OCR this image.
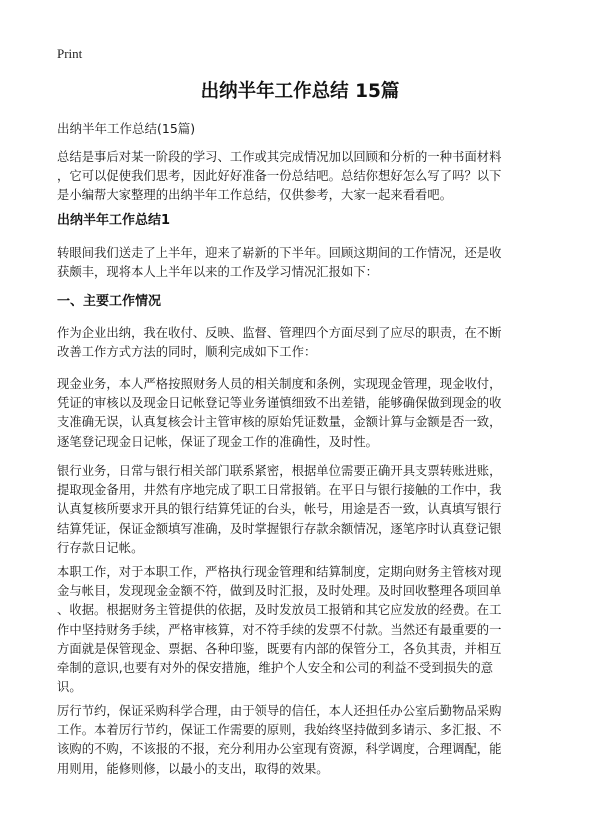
Print
出纳半年工作总结 15篇
出纳半年工作总结(15篇)
总结是事后对某一阶段的学习、工作或其完成情况加以回顾和分析的一种书面材料
，它可以促使我们思考，因此好好准备一份总结吧。总结你想好怎么写了吗？以下
是小编帮大家整理的出纳半年工作总结，仅供参考，大家一起来看看吧。
出纳半年工作总结1
转眼间我们送走了上半年，迎来了崭新的下半年。回顾这期间的工作情况，还是收
获颇丰，现将本人上半年以来的工作及学习情况汇报如下：
一、主要工作情况
作为企业出纳，我在收付、反映、监督、管理四个方面尽到了应尽的职责，在不断
改善工作方式方法的同时，顺利完成如下工作：
现金业务，本人严格按照财务人员的相关制度和条例，实现现金管理，现金收付，
凭证的审核以及现金日记帐登记等业务谨慎细致不出差错，能够确保做到现金的收
支准确无误，认真复核会计主管审核的原始凭证数量，金额计算与金额是否一致，
逐笔登记现金日记帐，保证了现金工作的准确性，及时性。
银行业务，日常与银行相关部门联系紧密，根据单位需要正确开具支票转账进账，
提取现金备用，井然有序地完成了职工日常报销。在平日与银行接触的工作中，我
认真复核所要求开具的银行结算凭证的台头，帐号，用途是否一致，认真填写银行
结算凭证，保证金额填写准确，及时掌握银行存款余额情况，逐笔序时认真登记银
行存款日记帐。
本职工作，对于本职工作，严格执行现金管理和结算制度，定期向财务主管核对现
金与帐目，发现现金金额不符，做到及时汇报，及时处理。及时回收整理各项回单
、收据。根据财务主管提供的依据，及时发放员工报销和其它应发放的经费。在工
作中坚持财务手续，严格审核算，对不符手续的发票不付款。当然还有最重要的一
方面就是保管现金、票据、各种印鉴，既要有内部的保管分工，各负其责，并相互
牵制的意识,也要有对外的保安措施，维护个人安全和公司的利益不受到损失的意
识。
厉行节约，保证采购科学合理，由于领导的信任，本人还担任办公室后勤物品采购
工作。本着厉行节约，保证工作需要的原则，我始终坚持做到多请示、多汇报、不
该购的不购，不该报的不报，充分利用办公室现有资源，科学调度，合理调配，能
用则用，能修则修，以最小的支出，取得的效果。
